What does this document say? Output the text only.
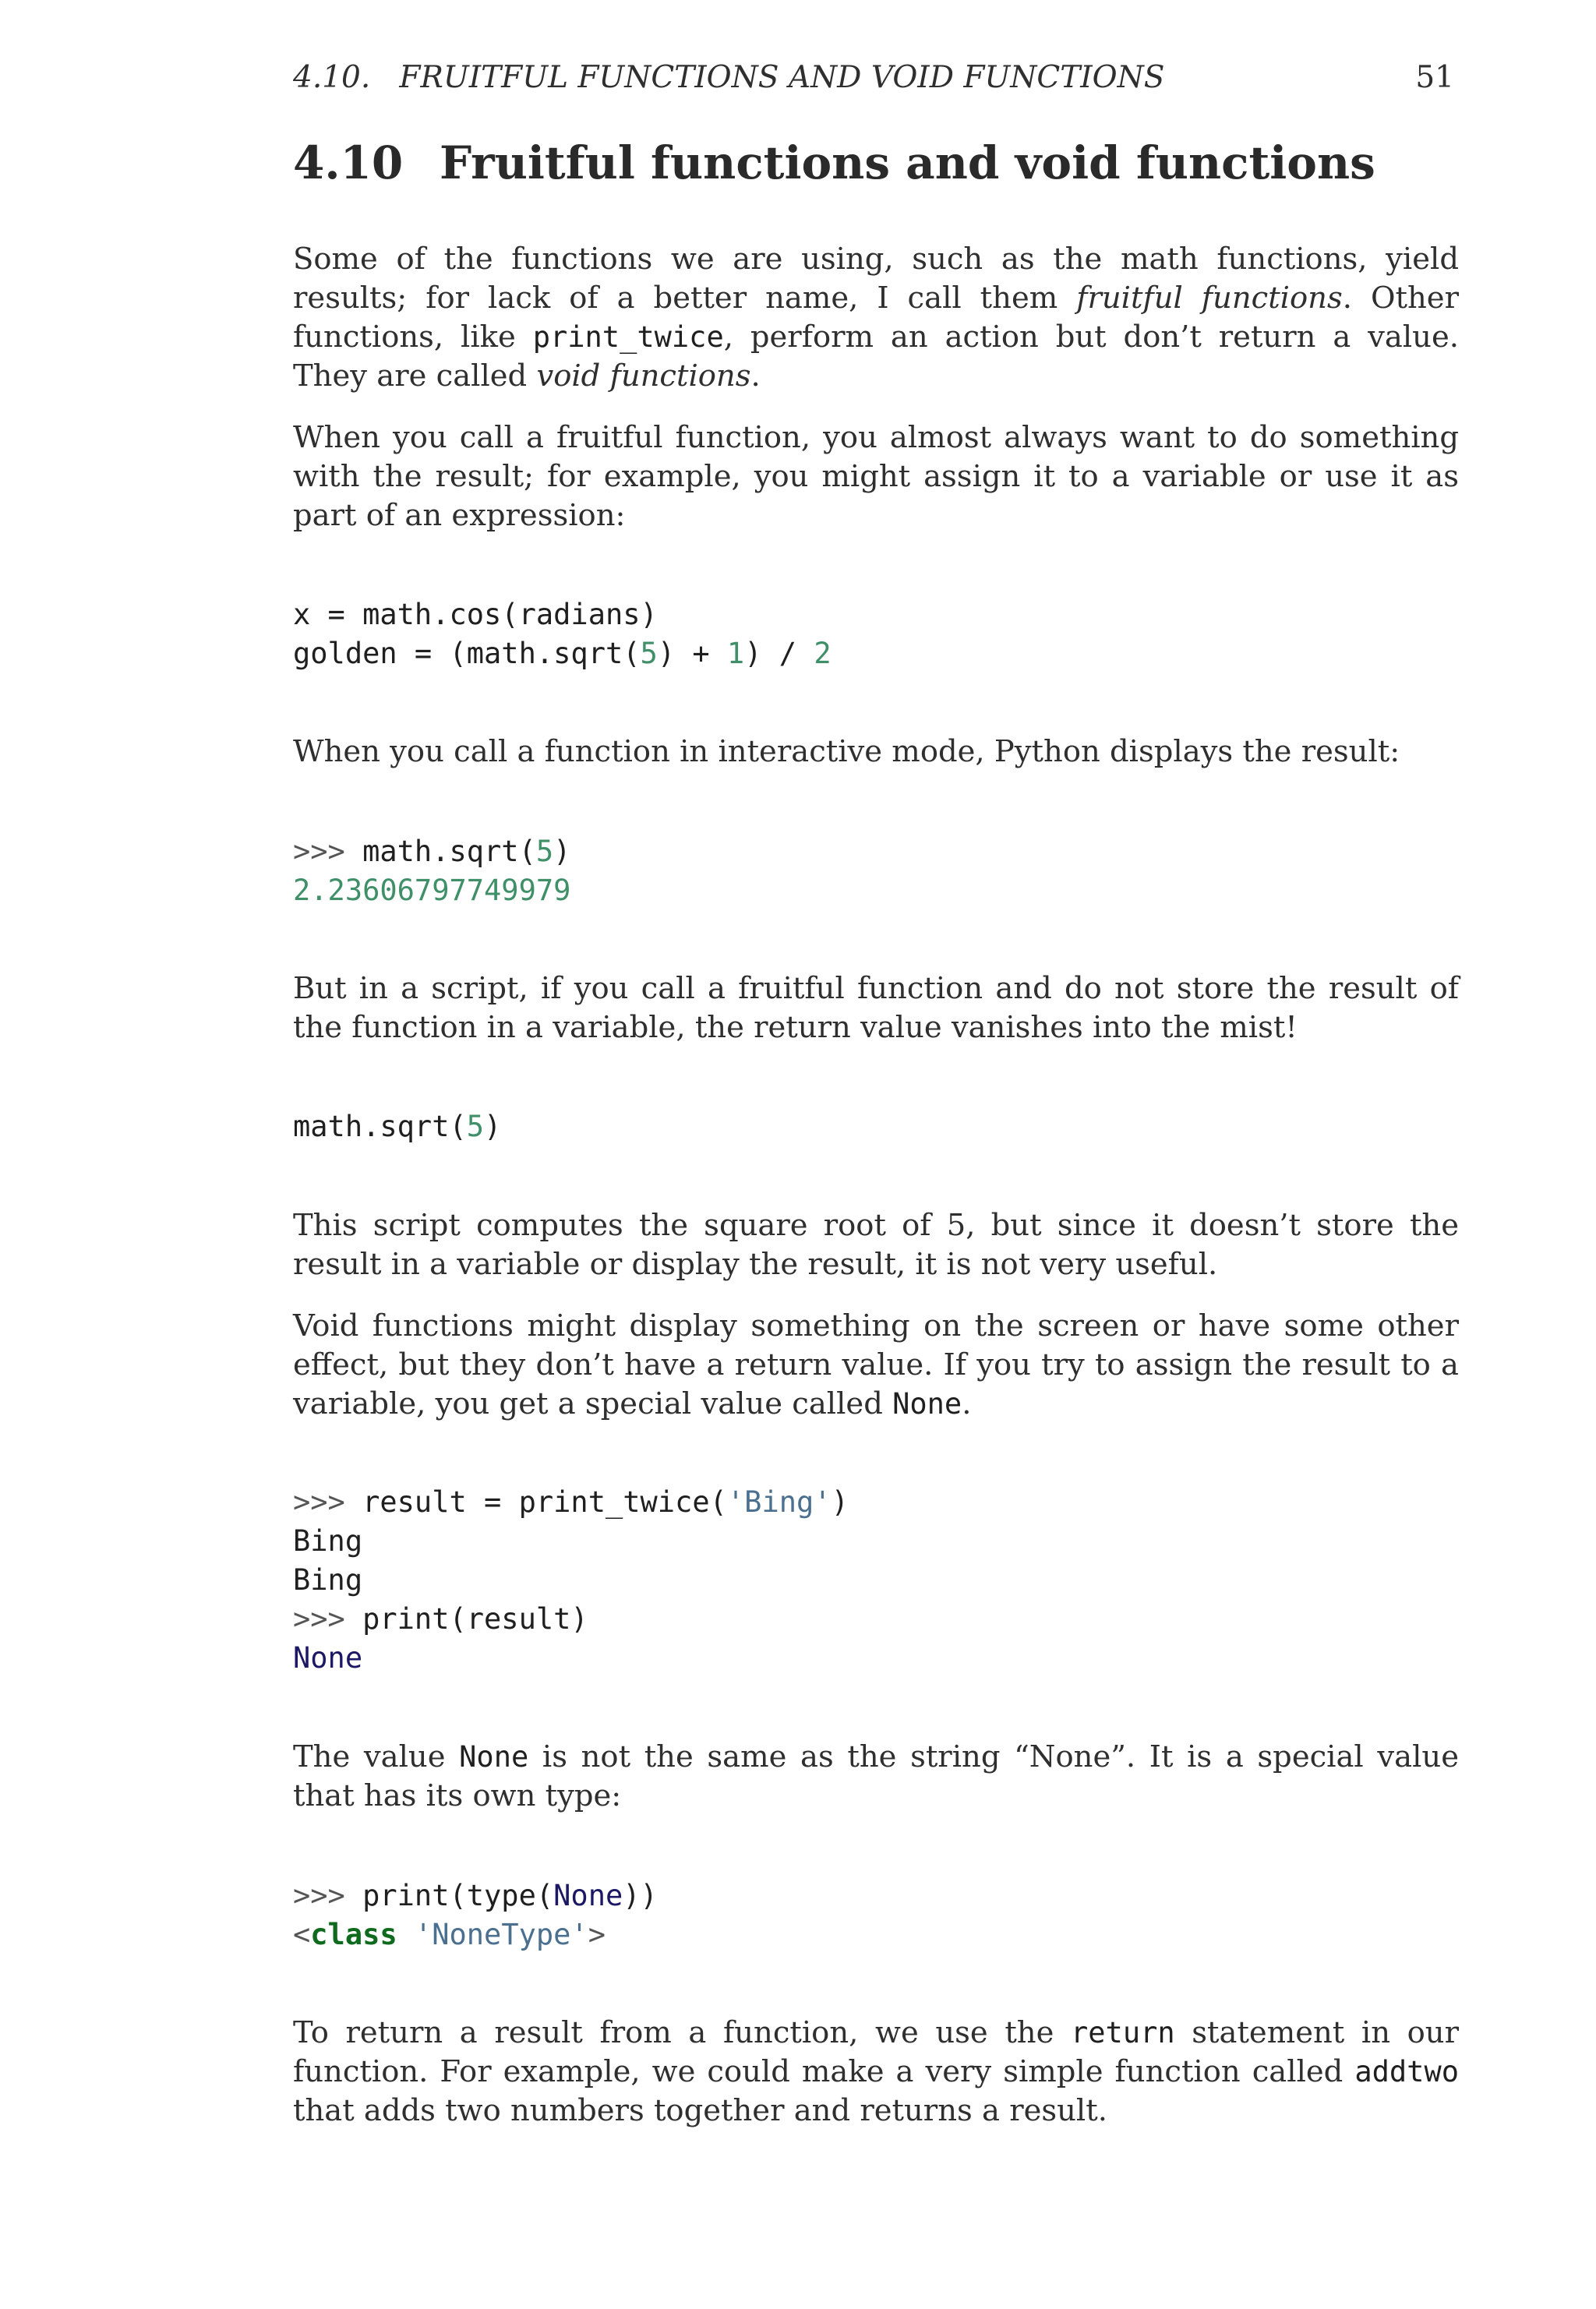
4.10.   FRUITFUL FUNCTIONS AND VOID FUNCTIONS	51
4.10 Fruitful functions and void functions

Some of the functions we are using, such as the math functions, yield results; for lack of a better name, I call them fruitful functions. Other functions, like print_twice, perform an action but don’t return a value. They are called void functions.

When you call a fruitful function, you almost always want to do something with the result; for example, you might assign it to a variable or use it as part of an expression:

x = math.cos(radians)
golden = (math.sqrt(5) + 1) / 2

When you call a function in interactive mode, Python displays the result:

>>> math.sqrt(5)
2.23606797749979

But in a script, if you call a fruitful function and do not store the result of the function in a variable, the return value vanishes into the mist!

math.sqrt(5)

This script computes the square root of 5, but since it doesn’t store the result in a variable or display the result, it is not very useful.

Void functions might display something on the screen or have some other effect, but they don’t have a return value. If you try to assign the result to a variable, you get a special value called None.

>>> result = print_twice('Bing')
Bing
Bing
>>> print(result)
None

The value None is not the same as the string “None”. It is a special value that has its own type:

>>> print(type(None))
<class 'NoneType'>

To return a result from a function, we use the return statement in our function. For example, we could make a very simple function called addtwo that adds two numbers together and returns a result.
